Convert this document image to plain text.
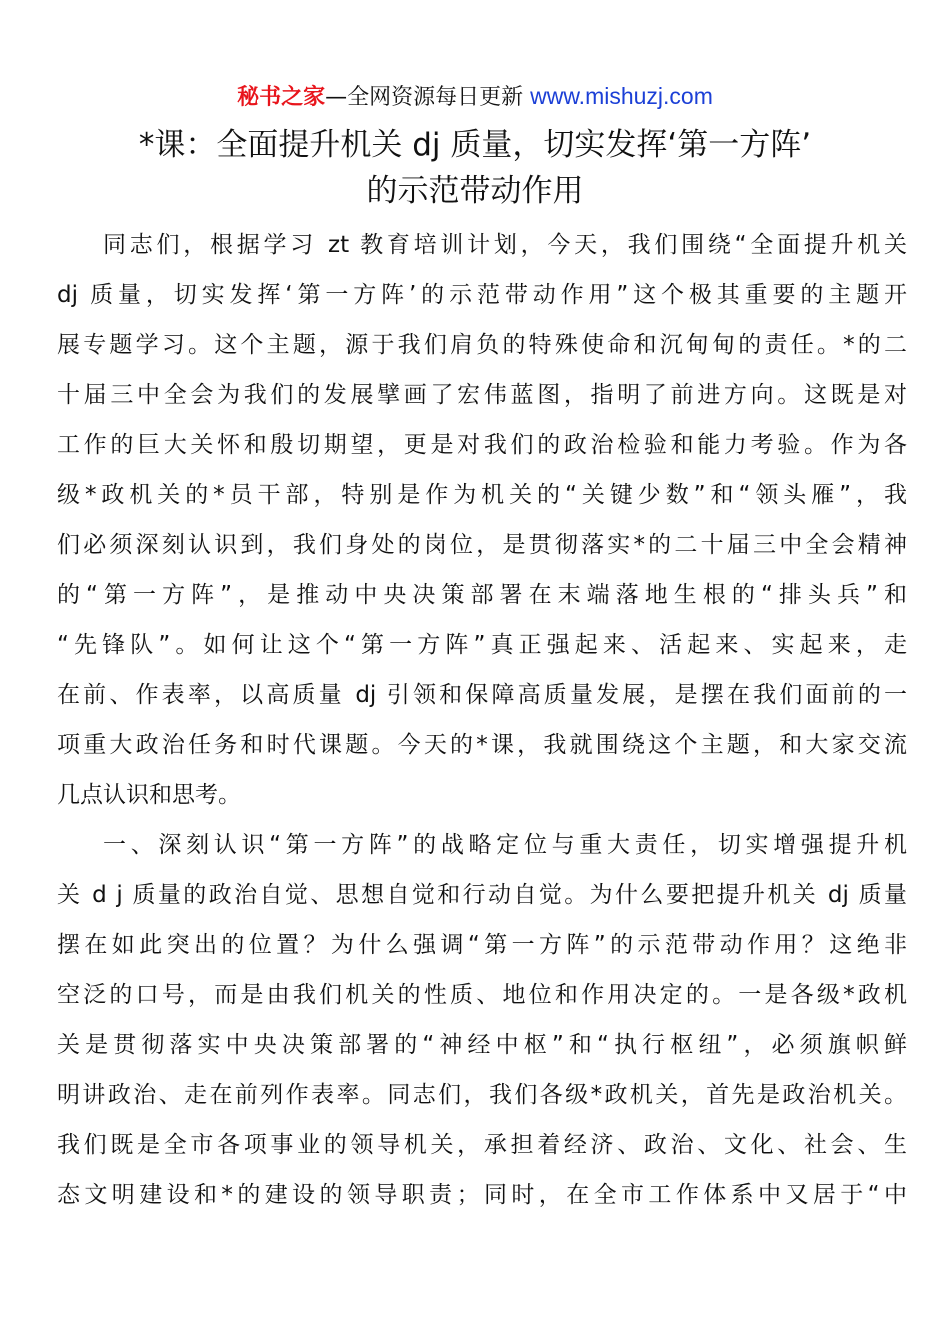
秘书之家—全网资源每日更新 www.mishuzj.com
*课：全面提升机关 dj 质量，切实发挥‘第一方阵’
的示范带动作用
同志们，根据学习 zt 教育培训计划，今天，我们围绕“全面提升机关
dj 质量，切实发挥‘第一方阵’的示范带动作用”这个极其重要的主题开
展专题学习。这个主题，源于我们肩负的特殊使命和沉甸甸的责任。*的二
十届三中全会为我们的发展擘画了宏伟蓝图，指明了前进方向。这既是对
工作的巨大关怀和殷切期望，更是对我们的政治检验和能力考验。作为各
级*政机关的*员干部，特别是作为机关的“关键少数”和“领头雁”，我
们必须深刻认识到，我们身处的岗位，是贯彻落实*的二十届三中全会精神
的“第一方阵”，是推动中央决策部署在末端落地生根的“排头兵”和
“先锋队”。如何让这个“第一方阵”真正强起来、活起来、实起来，走
在前、作表率，以高质量 dj 引领和保障高质量发展，是摆在我们面前的一
项重大政治任务和时代课题。今天的*课，我就围绕这个主题，和大家交流
几点认识和思考。
一、深刻认识“第一方阵”的战略定位与重大责任，切实增强提升机
关 d j 质量的政治自觉、思想自觉和行动自觉。为什么要把提升机关 dj 质量
摆在如此突出的位置？为什么强调“第一方阵”的示范带动作用？这绝非
空泛的口号，而是由我们机关的性质、地位和作用决定的。一是各级*政机
关是贯彻落实中央决策部署的“神经中枢”和“执行枢纽”，必须旗帜鲜
明讲政治、走在前列作表率。同志们，我们各级*政机关，首先是政治机关。
我们既是全市各项事业的领导机关，承担着经济、政治、文化、社会、生
态文明建设和*的建设的领导职责；同时，在全市工作体系中又居于“中
